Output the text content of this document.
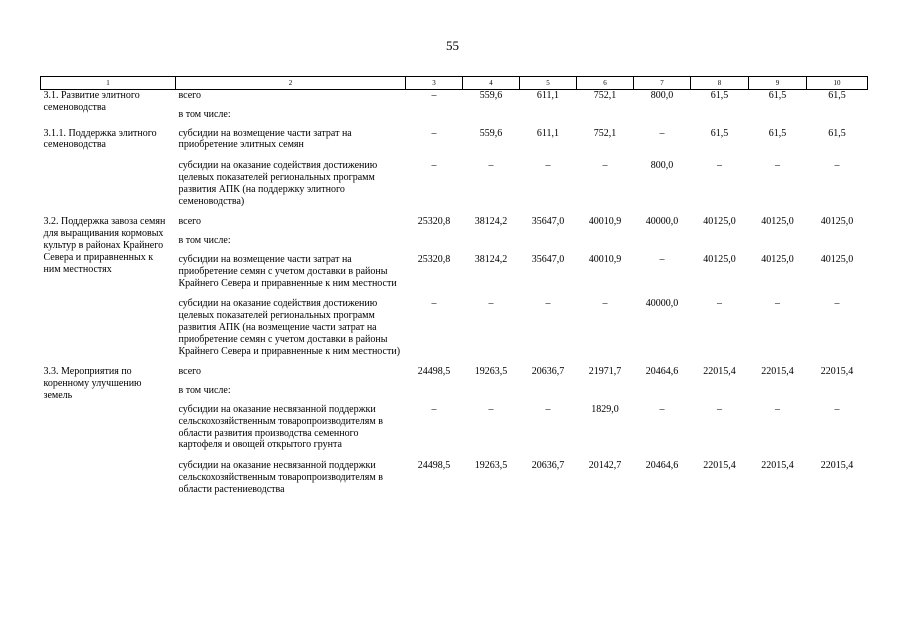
55
1	2	3	4	5	6	7	8	9	10
3.1. Развитие элитного семеноводства	всего	–	559,6	611,1	752,1	800,0	61,5	61,5	61,5
	в том числе:								
3.1.1. Поддержка элитного семеноводства	субсидии на возмещение части затрат на приобретение элитных семян	–	559,6	611,1	752,1	–	61,5	61,5	61,5
	субсидии на оказание содействия достижению целевых показателей региональных программ развития АПК (на поддержку элитного семеноводства)	–	–	–	–	800,0	–	–	–
3.2. Поддержка завоза семян для выращивания кормовых культур в районах Крайнего Севера и приравненных к ним местностях	всего	25320,8	38124,2	35647,0	40010,9	40000,0	40125,0	40125,0	40125,0
	в том числе:								
	субсидии на возмещение части затрат на приобретение семян с учетом доставки в районы Крайнего Севера и приравненные к ним местности	25320,8	38124,2	35647,0	40010,9	–	40125,0	40125,0	40125,0
	субсидии на оказание содействия достижению целевых показателей региональных программ развития АПК (на возмещение части затрат на приобретение семян с учетом доставки в районы Крайнего Севера и приравненные к ним местности)	–	–	–	–	40000,0	–	–	–
3.3. Мероприятия по коренному улучшению земель	всего	24498,5	19263,5	20636,7	21971,7	20464,6	22015,4	22015,4	22015,4
	в том числе:								
	субсидии на оказание несвязанной поддержки сельскохозяйственным товаропроизводителям в области развития производства семенного картофеля и овощей открытого грунта	–	–	–	1829,0	–	–	–	–
	субсидии на оказание несвязанной поддержки сельскохозяйственным товаропроизводителям в области растениеводства	24498,5	19263,5	20636,7	20142,7	20464,6	22015,4	22015,4	22015,4
